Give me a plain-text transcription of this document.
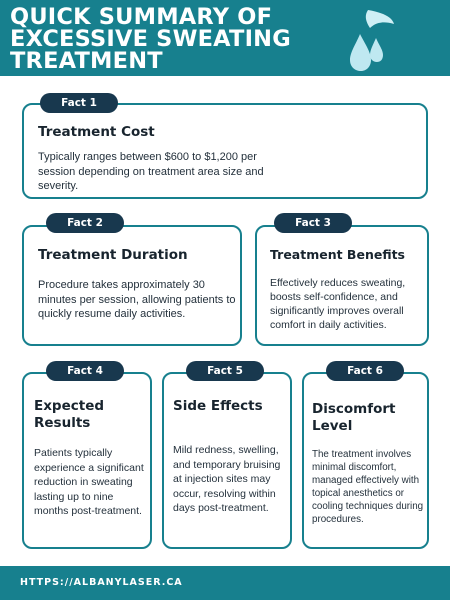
QUICK SUMMARY OF
EXCESSIVE SWEATING
TREATMENT
Fact 1
Treatment Cost
Typically ranges between $600 to $1,200 per session depending on treatment area size and severity.
Fact 2
Treatment Duration
Procedure takes approximately 30 minutes per session, allowing patients to quickly resume daily activities.
Fact 3
Treatment Benefits
Effectively reduces sweating, boosts self-confidence, and significantly improves overall comfort in daily activities.
Fact 4
Expected Results
Patients typically experience a significant reduction in sweating lasting up to nine months post-treatment.
Fact 5
Side Effects
Mild redness, swelling, and temporary bruising at injection sites may occur, resolving within days post-treatment.
Fact 6
Discomfort Level
The treatment involves minimal discomfort, managed effectively with topical anesthetics or cooling techniques during procedures.
HTTPS://ALBANYLASER.CA
